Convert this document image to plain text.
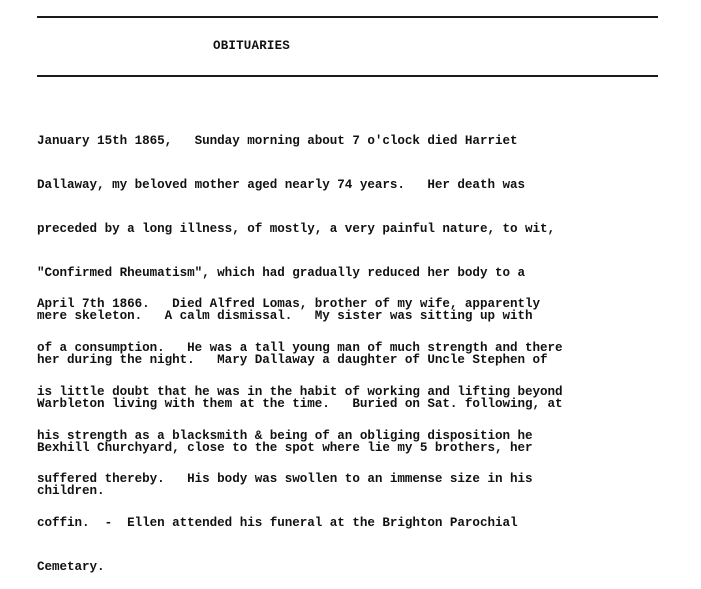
OBITUARIES

January 15th 1865,   Sunday morning about 7 o'clock died Harriet

Dallaway, my beloved mother aged nearly 74 years.   Her death was

preceded by a long illness, of mostly, a very painful nature, to wit,

"Confirmed Rheumatism", which had gradually reduced her body to a

mere skeleton.   A calm dismissal.   My sister was sitting up with

her during the night.   Mary Dallaway a daughter of Uncle Stephen of

Warbleton living with them at the time.   Buried on Sat. following, at

Bexhill Churchyard, close to the spot where lie my 5 brothers, her

children.

April 7th 1866.   Died Alfred Lomas, brother of my wife, apparently

of a consumption.   He was a tall young man of much strength and there

is little doubt that he was in the habit of working and lifting beyond

his strength as a blacksmith & being of an obliging disposition he

suffered thereby.   His body was swollen to an immense size in his

coffin.  -  Ellen attended his funeral at the Brighton Parochial

Cemetary.
